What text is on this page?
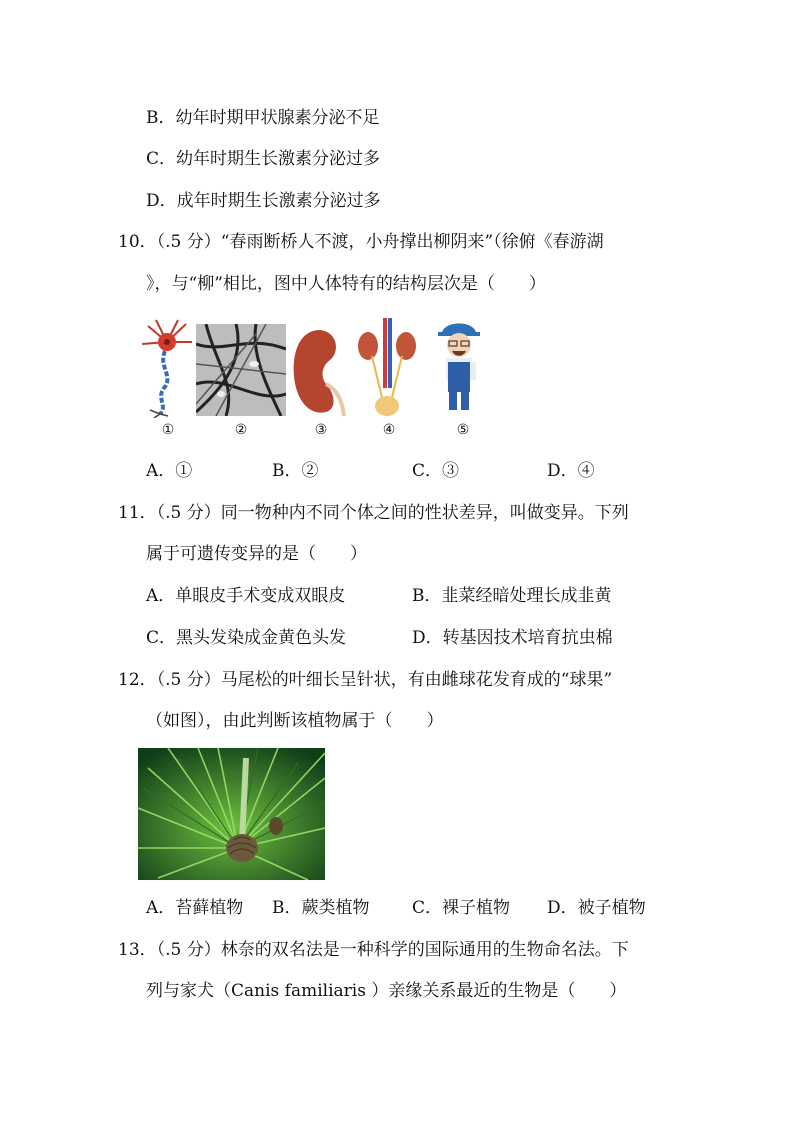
B．幼年时期甲状腺素分泌不足
C．幼年时期生长激素分泌过多
D．成年时期生长激素分泌过多
10．（.5 分）“春雨断桥人不渡，小舟撑出柳阴来”（徐俯《春游湖
》，与“柳”相比，图中人体特有的结构层次是（　　）
①	②	③	④	⑤
A．①	B．②	C．③	D．④
11．（.5 分）同一物种内不同个体之间的性状差异，叫做变异。下列
属于可遗传变异的是（　　）
A．单眼皮手术变成双眼皮	B．韭菜经暗处理长成韭黄
C．黑头发染成金黄色头发	D．转基因技术培育抗虫棉
12．（.5 分）马尾松的叶细长呈针状，有由雌球花发育成的“球果”
（如图），由此判断该植物属于（　　）
A．苔藓植物 B．蕨类植物	C．裸子植物 D．被子植物
13．（.5 分）林奈的双名法是一种科学的国际通用的生物命名法。下
列与家犬（Canis familiaris ）亲缘关系最近的生物是（　　）
